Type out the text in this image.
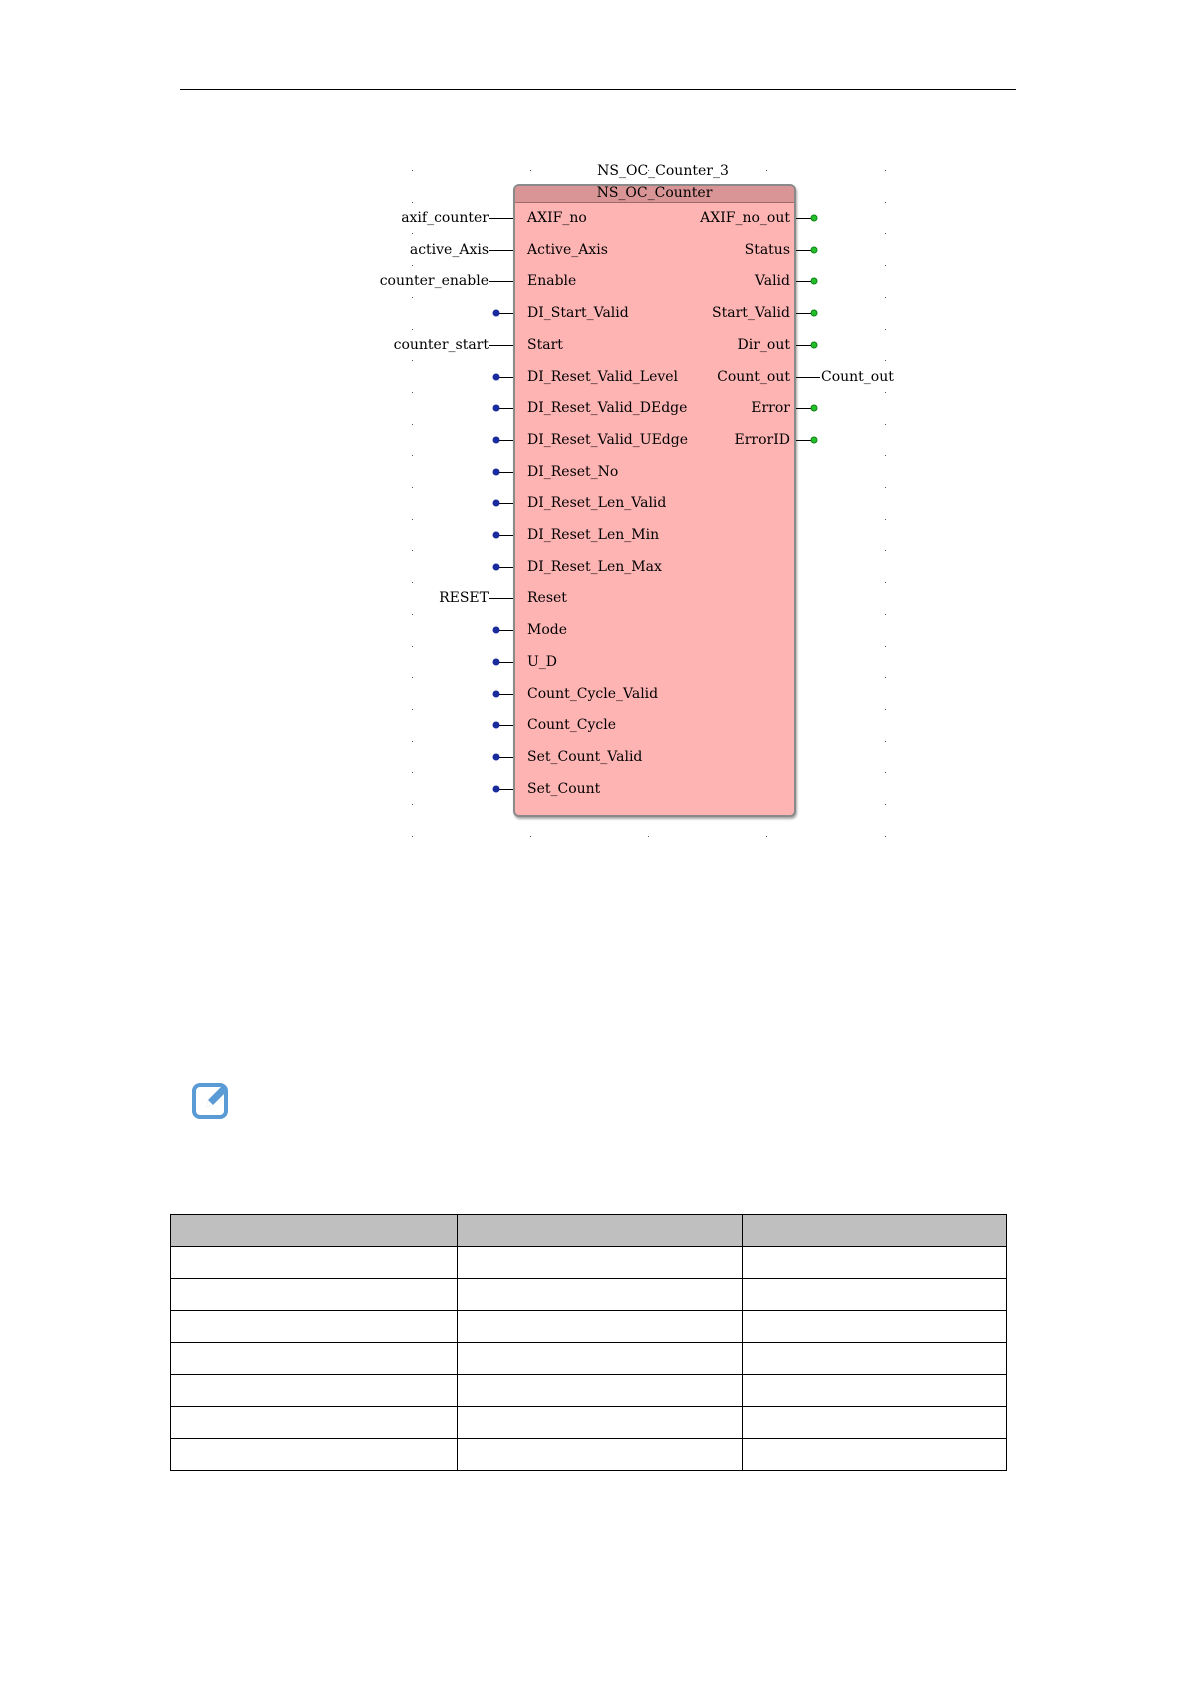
NS_OC_Counter_3
NS_OC_Counter
AXIF_no
axif_counter
Active_Axis
active_Axis
Enable
counter_enable
DI_Start_Valid
Start
counter_start
DI_Reset_Valid_Level
DI_Reset_Valid_DEdge
DI_Reset_Valid_UEdge
DI_Reset_No
DI_Reset_Len_Valid
DI_Reset_Len_Min
DI_Reset_Len_Max
Reset
RESET
Mode
U_D
Count_Cycle_Valid
Count_Cycle
Set_Count_Valid
Set_Count
AXIF_no_out
Status
Valid
Start_Valid
Dir_out
Count_out Count_out
Error
ErrorID
